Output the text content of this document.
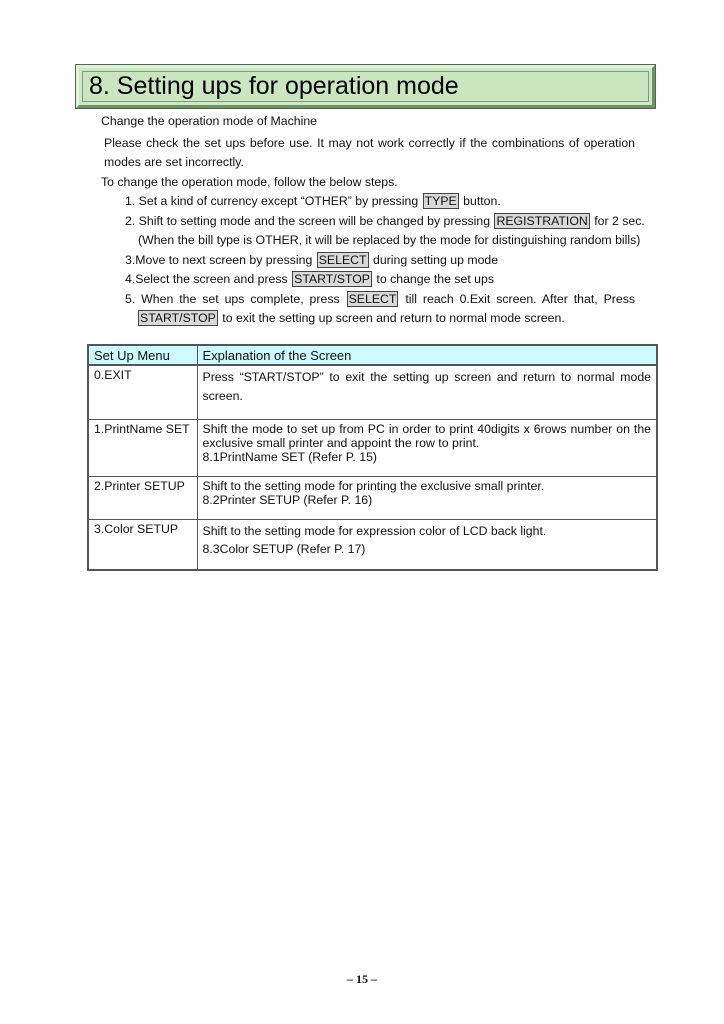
8. Setting ups for operation mode
Change the operation mode of Machine
Please check the set ups before use. It may not work correctly if the combinations of operation
modes are set incorrectly.
To change the operation mode, follow the below steps.
1. Set a kind of currency except “OTHER” by pressing TYPE button.
2. Shift to setting mode and the screen will be changed by pressing REGISTRATION for 2 sec.
(When the bill type is OTHER, it will be replaced by the mode for distinguishing random bills)
3.Move to next screen by pressing SELECT during setting up mode
4.Select the screen and press START/STOP to change the set ups
5. When the set ups complete, press SELECT till reach 0.Exit screen. After that, Press
START/STOP to exit the setting up screen and return to normal mode screen.
Set Up Menu	Explanation of the Screen
0.EXIT	Press “START/STOP” to exit the setting up screen and return to normal mode
screen.

1.PrintName SET	Shift the mode to set up from PC in order to print 40digits x 6rows number on the
exclusive small printer and appoint the row to print.
8.1PrintName SET (Refer P. 15)

2.Printer SETUP	Shift to the setting mode for printing the exclusive small printer.
8.2Printer SETUP (Refer P. 16)

3.Color SETUP	Shift to the setting mode for expression color of LCD back light.
8.3Color SETUP (Refer P. 17)
– 15 –
